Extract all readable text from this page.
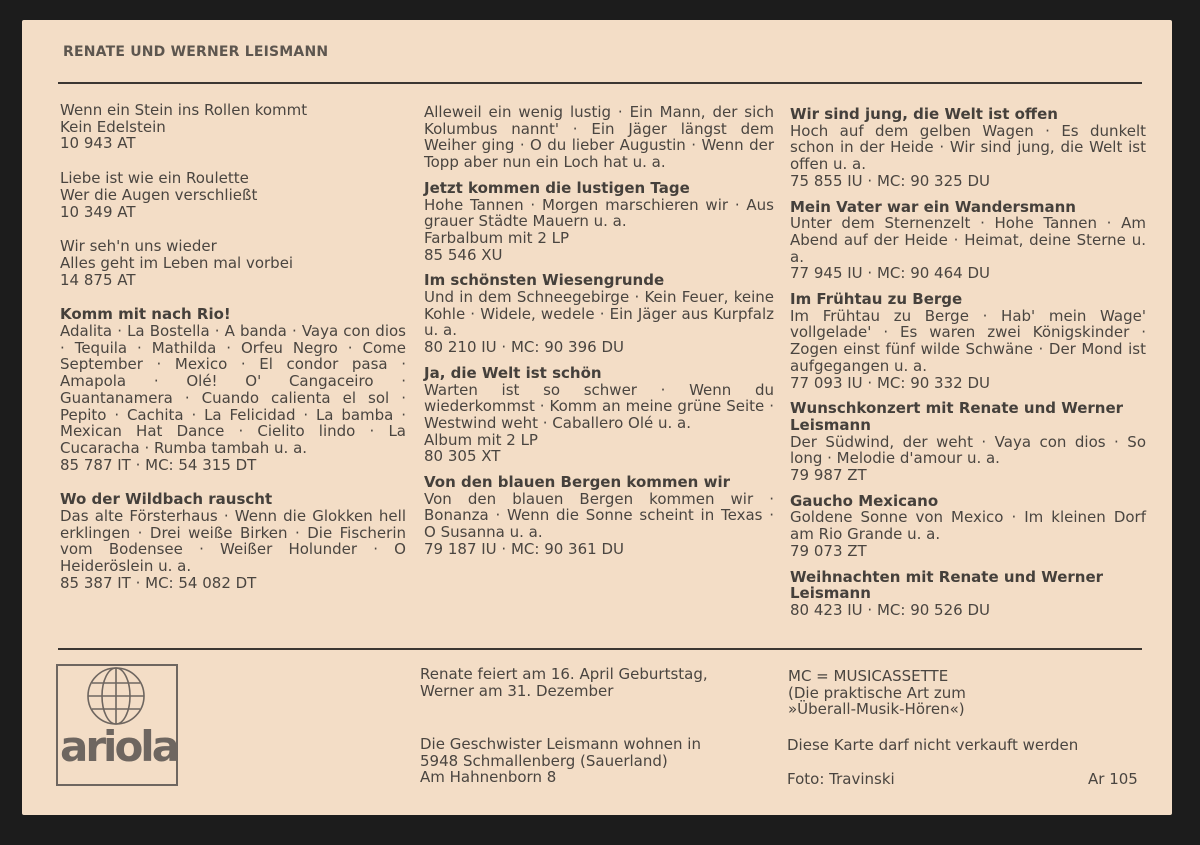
RENATE UND WERNER LEISMANN
Wenn ein Stein ins Rollen kommt
Kein Edelstein
10 943 AT
Liebe ist wie ein Roulette
Wer die Augen verschließt
10 349 AT
Wir seh'n uns wieder
Alles geht im Leben mal vorbei
14 875 AT
Komm mit nach Rio!
Adalita · La Bostella · A banda · Vaya con dios · Tequila · Mathilda · Orfeu Negro · Come September · Mexico · El condor pasa · Amapola · Olé! O' Cangaceiro · Guantanamera · Cuando calienta el sol · Pepito · Cachita · La Felicidad · La bamba · Mexican Hat Dance · Cielito lindo · La Cucaracha · Rumba tambah u. a.
85 787 IT · MC: 54 315 DT
Wo der Wildbach rauscht
Das alte Försterhaus · Wenn die Glokken hell erklingen · Drei weiße Birken · Die Fischerin vom Bodensee · Weißer Holunder · O Heideröslein u. a.
85 387 IT · MC: 54 082 DT
Alleweil ein wenig lustig · Ein Mann, der sich Kolumbus nannt' · Ein Jäger längst dem Weiher ging · O du lieber Augustin · Wenn der Topp aber nun ein Loch hat u. a.
Jetzt kommen die lustigen Tage
Hohe Tannen · Morgen marschieren wir · Aus grauer Städte Mauern u. a.
Farbalbum mit 2 LP
85 546 XU
Im schönsten Wiesengrunde
Und in dem Schneegebirge · Kein Feuer, keine Kohle · Widele, wedele · Ein Jäger aus Kurpfalz u. a.
80 210 IU · MC: 90 396 DU
Ja, die Welt ist schön
Warten ist so schwer · Wenn du wiederkommst · Komm an meine grüne Seite · Westwind weht · Caballero Olé u. a.
Album mit 2 LP
80 305 XT
Von den blauen Bergen kommen wir
Von den blauen Bergen kommen wir · Bonanza · Wenn die Sonne scheint in Texas · O Susanna u. a.
79 187 IU · MC: 90 361 DU
Wir sind jung, die Welt ist offen
Hoch auf dem gelben Wagen · Es dunkelt schon in der Heide · Wir sind jung, die Welt ist offen u. a.
75 855 IU · MC: 90 325 DU
Mein Vater war ein Wandersmann
Unter dem Sternenzelt · Hohe Tannen · Am Abend auf der Heide · Heimat, deine Sterne u. a.
77 945 IU · MC: 90 464 DU
Im Frühtau zu Berge
Im Frühtau zu Berge · Hab' mein Wage' vollgelade' · Es waren zwei Königskinder · Zogen einst fünf wilde Schwäne · Der Mond ist aufgegangen u. a.
77 093 IU · MC: 90 332 DU
Wunschkonzert mit Renate und Werner Leismann
Der Südwind, der weht · Vaya con dios · So long · Melodie d'amour u. a.
79 987 ZT
Gaucho Mexicano
Goldene Sonne von Mexico · Im kleinen Dorf am Rio Grande u. a.
79 073 ZT
Weihnachten mit Renate und Werner Leismann
80 423 IU · MC: 90 526 DU
ariola
Renate feiert am 16. April Geburtstag,
Werner am 31. Dezember
Die Geschwister Leismann wohnen in
5948 Schmallenberg (Sauerland)
Am Hahnenborn 8
MC = MUSICASSETTE
(Die praktische Art zum
»Überall-Musik-Hören«)
Diese Karte darf nicht verkauft werden
Foto: Travinski	Ar 105
